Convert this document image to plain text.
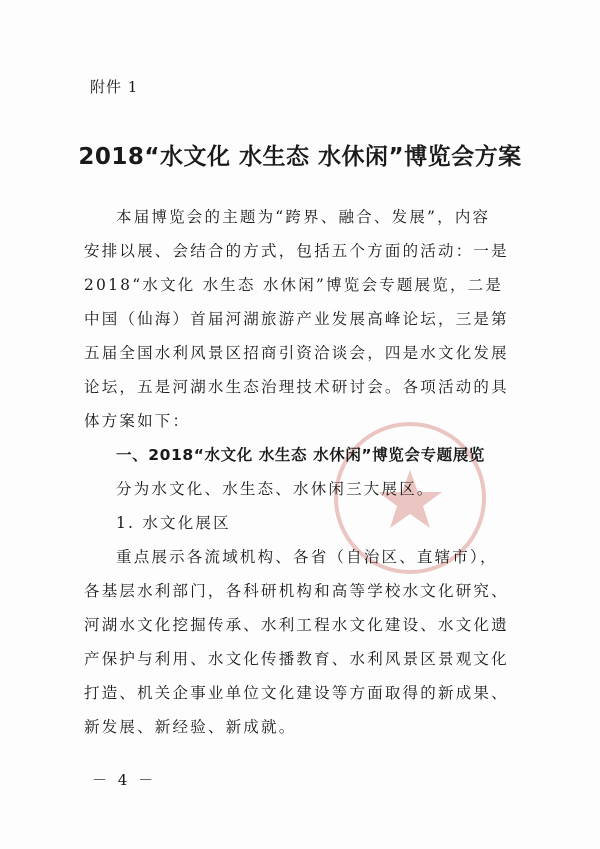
附件 1
2018“水文化 水生态 水休闲”博览会方案
本届博览会的主题为“跨界、融合、发展”，内容
安排以展、会结合的方式，包括五个方面的活动：一是
2018“水文化 水生态 水休闲”博览会专题展览，二是
中国（仙海）首届河湖旅游产业发展高峰论坛，三是第
五届全国水利风景区招商引资洽谈会，四是水文化发展
论坛，五是河湖水生态治理技术研讨会。各项活动的具
体方案如下：
一、2018“水文化 水生态 水休闲”博览会专题展览
分为水文化、水生态、水休闲三大展区。
1. 水文化展区
重点展示各流域机构、各省（自治区、直辖市），
各基层水利部门，各科研机构和高等学校水文化研究、
河湖水文化挖掘传承、水利工程水文化建设、水文化遗
产保护与利用、水文化传播教育、水利风景区景观文化
打造、机关企事业单位文化建设等方面取得的新成果、
新发展、新经验、新成就。
－ 4 －
